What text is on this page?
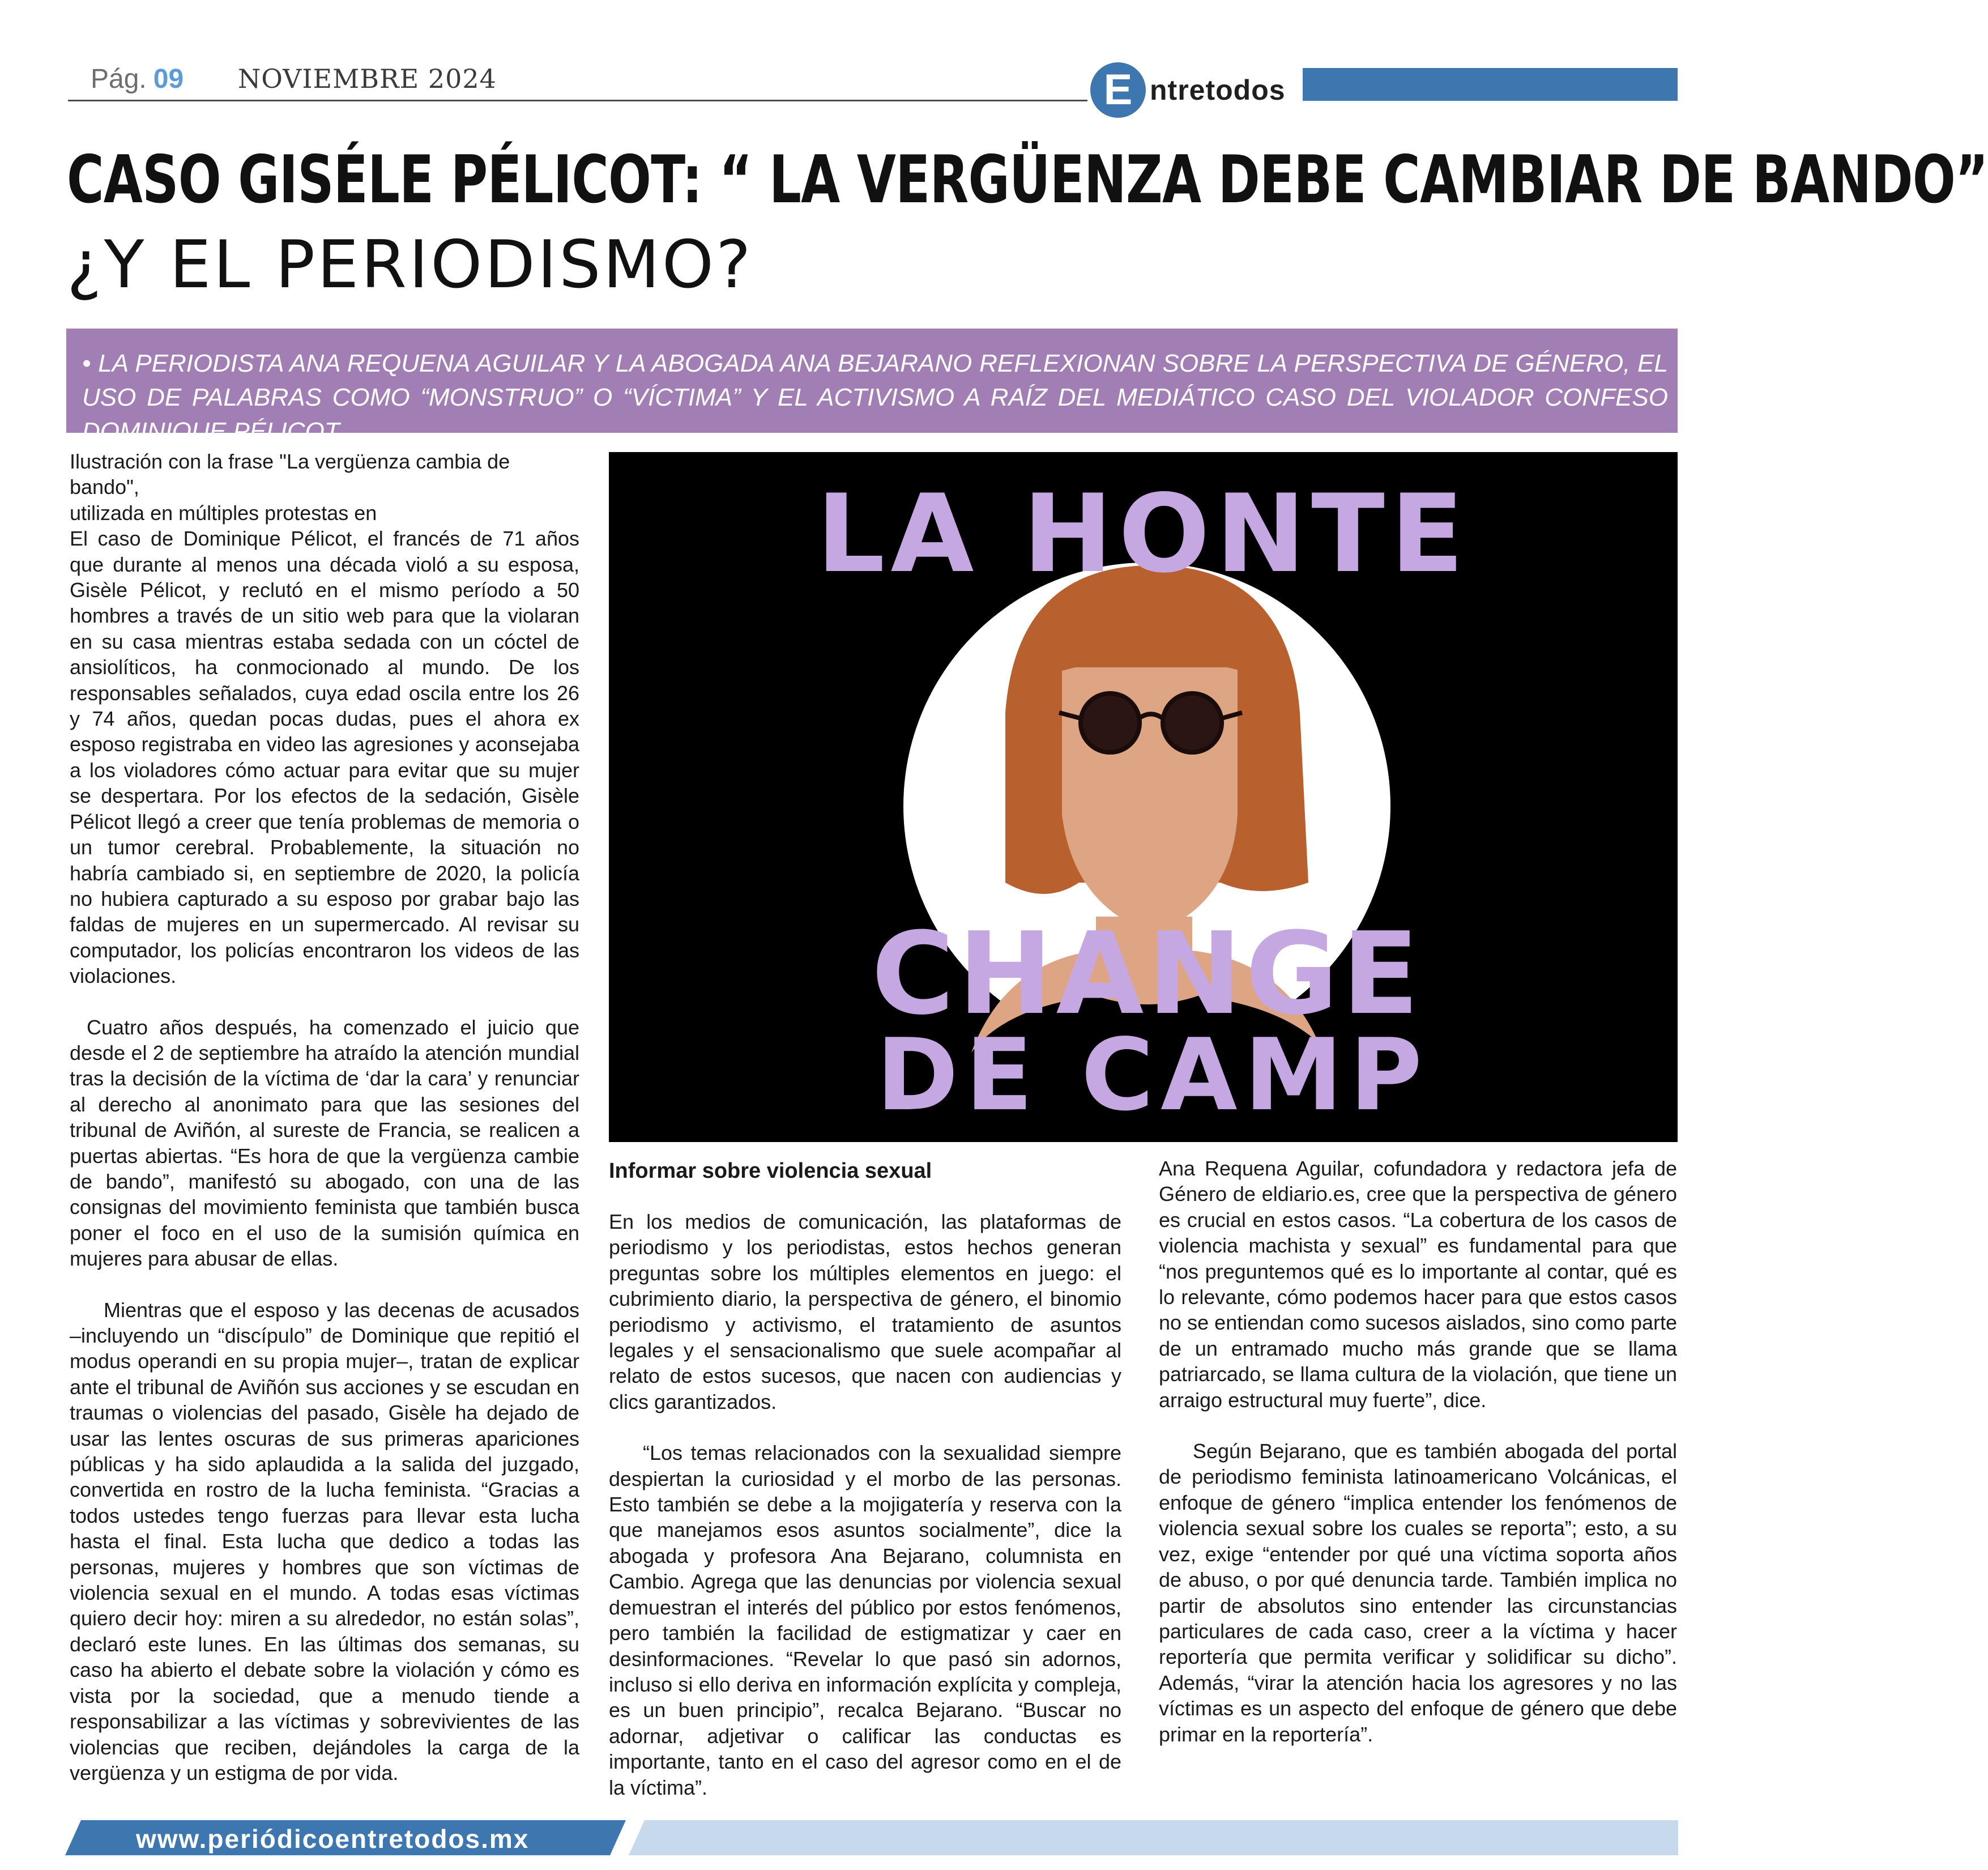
Pág. 09 NOVIEMBRE 2024	E ntretodos
CASO GISÉLE PÉLICOT: “ LA VERGÜENZA DEBE CAMBIAR DE BANDO”
¿Y EL PERIODISMO?
• LA PERIODISTA ANA REQUENA AGUILAR Y LA ABOGADA ANA BEJARANO REFLEXIONAN SOBRE LA PERSPECTIVA DE GÉNERO, EL USO DE PALABRAS COMO “MONSTRUO” O “VÍCTIMA” Y EL ACTIVISMO A RAÍZ DEL MEDIÁTICO CASO DEL VIOLADOR CONFESO DOMINIQUE PÉLICOT.

Ilustración con la frase "La vergüenza cambia de bando",

utilizada en múltiples protestas en

El caso de Dominique Pélicot, el francés de 71 años que durante al menos una década violó a su esposa, Gisèle Pélicot, y reclutó en el mismo período a 50 hombres a través de un sitio web para que la violaran en su casa mientras estaba sedada con un cóctel de ansiolíticos, ha conmocionado al mundo. De los responsables señalados, cuya edad oscila entre los 26 y 74 años, quedan pocas dudas, pues el ahora ex esposo registraba en video las agresiones y aconsejaba a los violadores cómo actuar para evitar que su mujer se despertara. Por los efectos de la sedación, Gisèle Pélicot llegó a creer que tenía problemas de memoria o un tumor cerebral. Probablemente, la situación no habría cambiado si, en septiembre de 2020, la policía no hubiera capturado a su esposo por grabar bajo las faldas de mujeres en un supermercado. Al revisar su computador, los policías encontraron los videos de las violaciones.

Cuatro años después, ha comenzado el juicio que desde el 2 de septiembre ha atraído la atención mundial tras la decisión de la víctima de ‘dar la cara’ y renunciar al derecho al anonimato para que las sesiones del tribunal de Aviñón, al sureste de Francia, se realicen a puertas abiertas. “Es hora de que la vergüenza cambie de bando”, manifestó su abogado, con una de las consignas del movimiento feminista que también busca poner el foco en el uso de la sumisión química en mujeres para abusar de ellas.

Mientras que el esposo y las decenas de acusados –incluyendo un “discípulo” de Dominique que repitió el modus operandi en su propia mujer–, tratan de explicar ante el tribunal de Aviñón sus acciones y se escudan en traumas o violencias del pasado, Gisèle ha dejado de usar las lentes oscuras de sus primeras apariciones públicas y ha sido aplaudida a la salida del juzgado, convertida en rostro de la lucha feminista. “Gracias a todos ustedes tengo fuerzas para llevar esta lucha hasta el final. Esta lucha que dedico a todas las personas, mujeres y hombres que son víctimas de violencia sexual en el mundo. A todas esas víctimas quiero decir hoy: miren a su alrededor, no están solas”, declaró este lunes. En las últimas dos semanas, su caso ha abierto el debate sobre la violación y cómo es vista por la sociedad, que a menudo tiende a responsabilizar a las víctimas y sobrevivientes de las violencias que reciben, dejándoles la carga de la vergüenza y un estigma de por vida.

LA HONTE
CHANGE
DE CAMP
Informar sobre violencia sexual

En los medios de comunicación, las plataformas de periodismo y los periodistas, estos hechos generan preguntas sobre los múltiples elementos en juego: el cubrimiento diario, la perspectiva de género, el binomio periodismo y activismo, el tratamiento de asuntos legales y el sensacionalismo que suele acompañar al relato de estos sucesos, que nacen con audiencias y clics garantizados.

“Los temas relacionados con la sexualidad siempre despiertan la curiosidad y el morbo de las personas. Esto también se debe a la mojigatería y reserva con la que manejamos esos asuntos socialmente”, dice la abogada y profesora Ana Bejarano, columnista en Cambio. Agrega que las denuncias por violencia sexual demuestran el interés del público por estos fenómenos, pero también la facilidad de estigmatizar y caer en desinformaciones. “Revelar lo que pasó sin adornos, incluso si ello deriva en información explícita y compleja, es un buen principio”, recalca Bejarano. “Buscar no adornar, adjetivar o calificar las conductas es importante, tanto en el caso del agresor como en el de la víctima”.

Ana Requena Aguilar, cofundadora y redactora jefa de Género de eldiario.es, cree que la perspectiva de género es crucial en estos casos. “La cobertura de los casos de violencia machista y sexual” es fundamental para que “nos preguntemos qué es lo importante al contar, qué es lo relevante, cómo podemos hacer para que estos casos no se entiendan como sucesos aislados, sino como parte de un entramado mucho más grande que se llama patriarcado, se llama cultura de la violación, que tiene un arraigo estructural muy fuerte”, dice.

Según Bejarano, que es también abogada del portal de periodismo feminista latinoamericano Volcánicas, el enfoque de género “implica entender los fenómenos de violencia sexual sobre los cuales se reporta”; esto, a su vez, exige “entender por qué una víctima soporta años de abuso, o por qué denuncia tarde. También implica no partir de absolutos sino entender las circunstancias particulares de cada caso, creer a la víctima y hacer reportería que permita verificar y solidificar su dicho”. Además, “virar la atención hacia los agresores y no las víctimas es un aspecto del enfoque de género que debe primar en la reportería”.

www.periódicoentretodos.mx
